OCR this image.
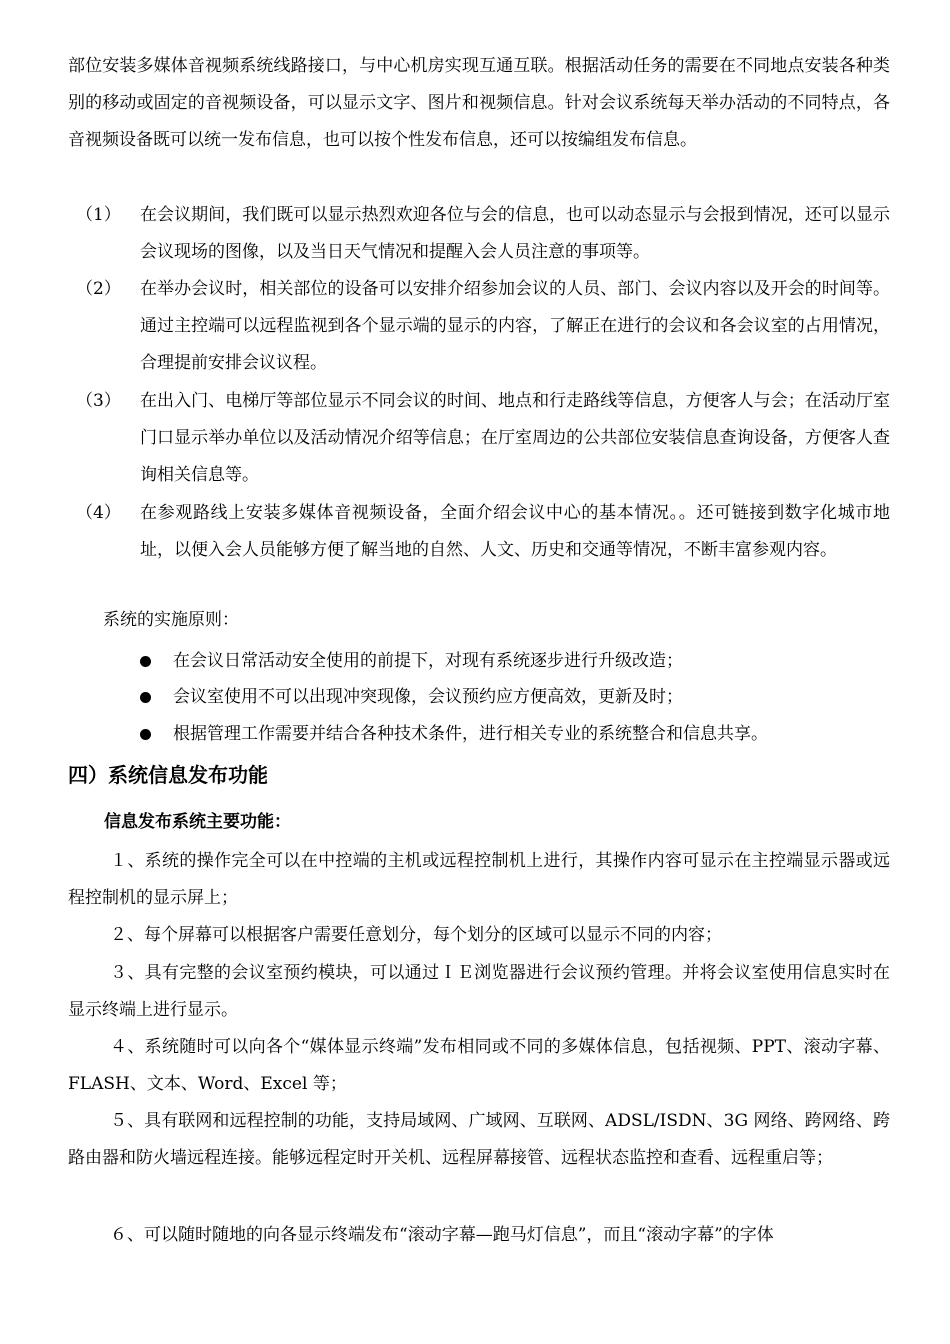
部位安装多媒体音视频系统线路接口，与中心机房实现互通互联。根据活动任务的需要在不同地点安装各种类别的移动或固定的音视频设备，可以显示文字、图片和视频信息。针对会议系统每天举办活动的不同特点，各音视频设备既可以统一发布信息，也可以按个性发布信息，还可以按编组发布信息。

（1） 在会议期间，我们既可以显示热烈欢迎各位与会的信息，也可以动态显示与会报到情况，还可以显示会议现场的图像，以及当日天气情况和提醒入会人员注意的事项等。

（2） 在举办会议时，相关部位的设备可以安排介绍参加会议的人员、部门、会议内容以及开会的时间等。通过主控端可以远程监视到各个显示端的显示的内容，了解正在进行的会议和各会议室的占用情况，合理提前安排会议议程。

（3） 在出入门、电梯厅等部位显示不同会议的时间、地点和行走路线等信息，方便客人与会；在活动厅室门口显示举办单位以及活动情况介绍等信息；在厅室周边的公共部位安装信息查询设备，方便客人查询相关信息等。

（4） 在参观路线上安装多媒体音视频设备，全面介绍会议中心的基本情况。。还可链接到数字化城市地址，以便入会人员能够方便了解当地的自然、人文、历史和交通等情况，不断丰富参观内容。

系统的实施原则：
在会议日常活动安全使用的前提下，对现有系统逐步进行升级改造；
会议室使用不可以出现冲突现像，会议预约应方便高效，更新及时；
根据管理工作需要并结合各种技术条件，进行相关专业的系统整合和信息共享。
四）系统信息发布功能
信息发布系统主要功能：

１、系统的操作完全可以在中控端的主机或远程控制机上进行，其操作内容可显示在主控端显示器或远程控制机的显示屏上；

２、每个屏幕可以根据客户需要任意划分，每个划分的区域可以显示不同的内容；

３、具有完整的会议室预约模块，可以通过ＩＥ浏览器进行会议预约管理。并将会议室使用信息实时在显示终端上进行显示。

４、系统随时可以向各个“媒体显示终端”发布相同或不同的多媒体信息，包括视频、PPT、滚动字幕、FLASH、文本、Word、Excel 等；

５、具有联网和远程控制的功能，支持局域网、广域网、互联网、ADSL/ISDN、3G 网络、跨网络、跨路由器和防火墙远程连接。能够远程定时开关机、远程屏幕接管、远程状态监控和查看、远程重启等；

６、可以随时随地的向各显示终端发布“滚动字幕—跑马灯信息”，而且“滚动字幕”的字体
